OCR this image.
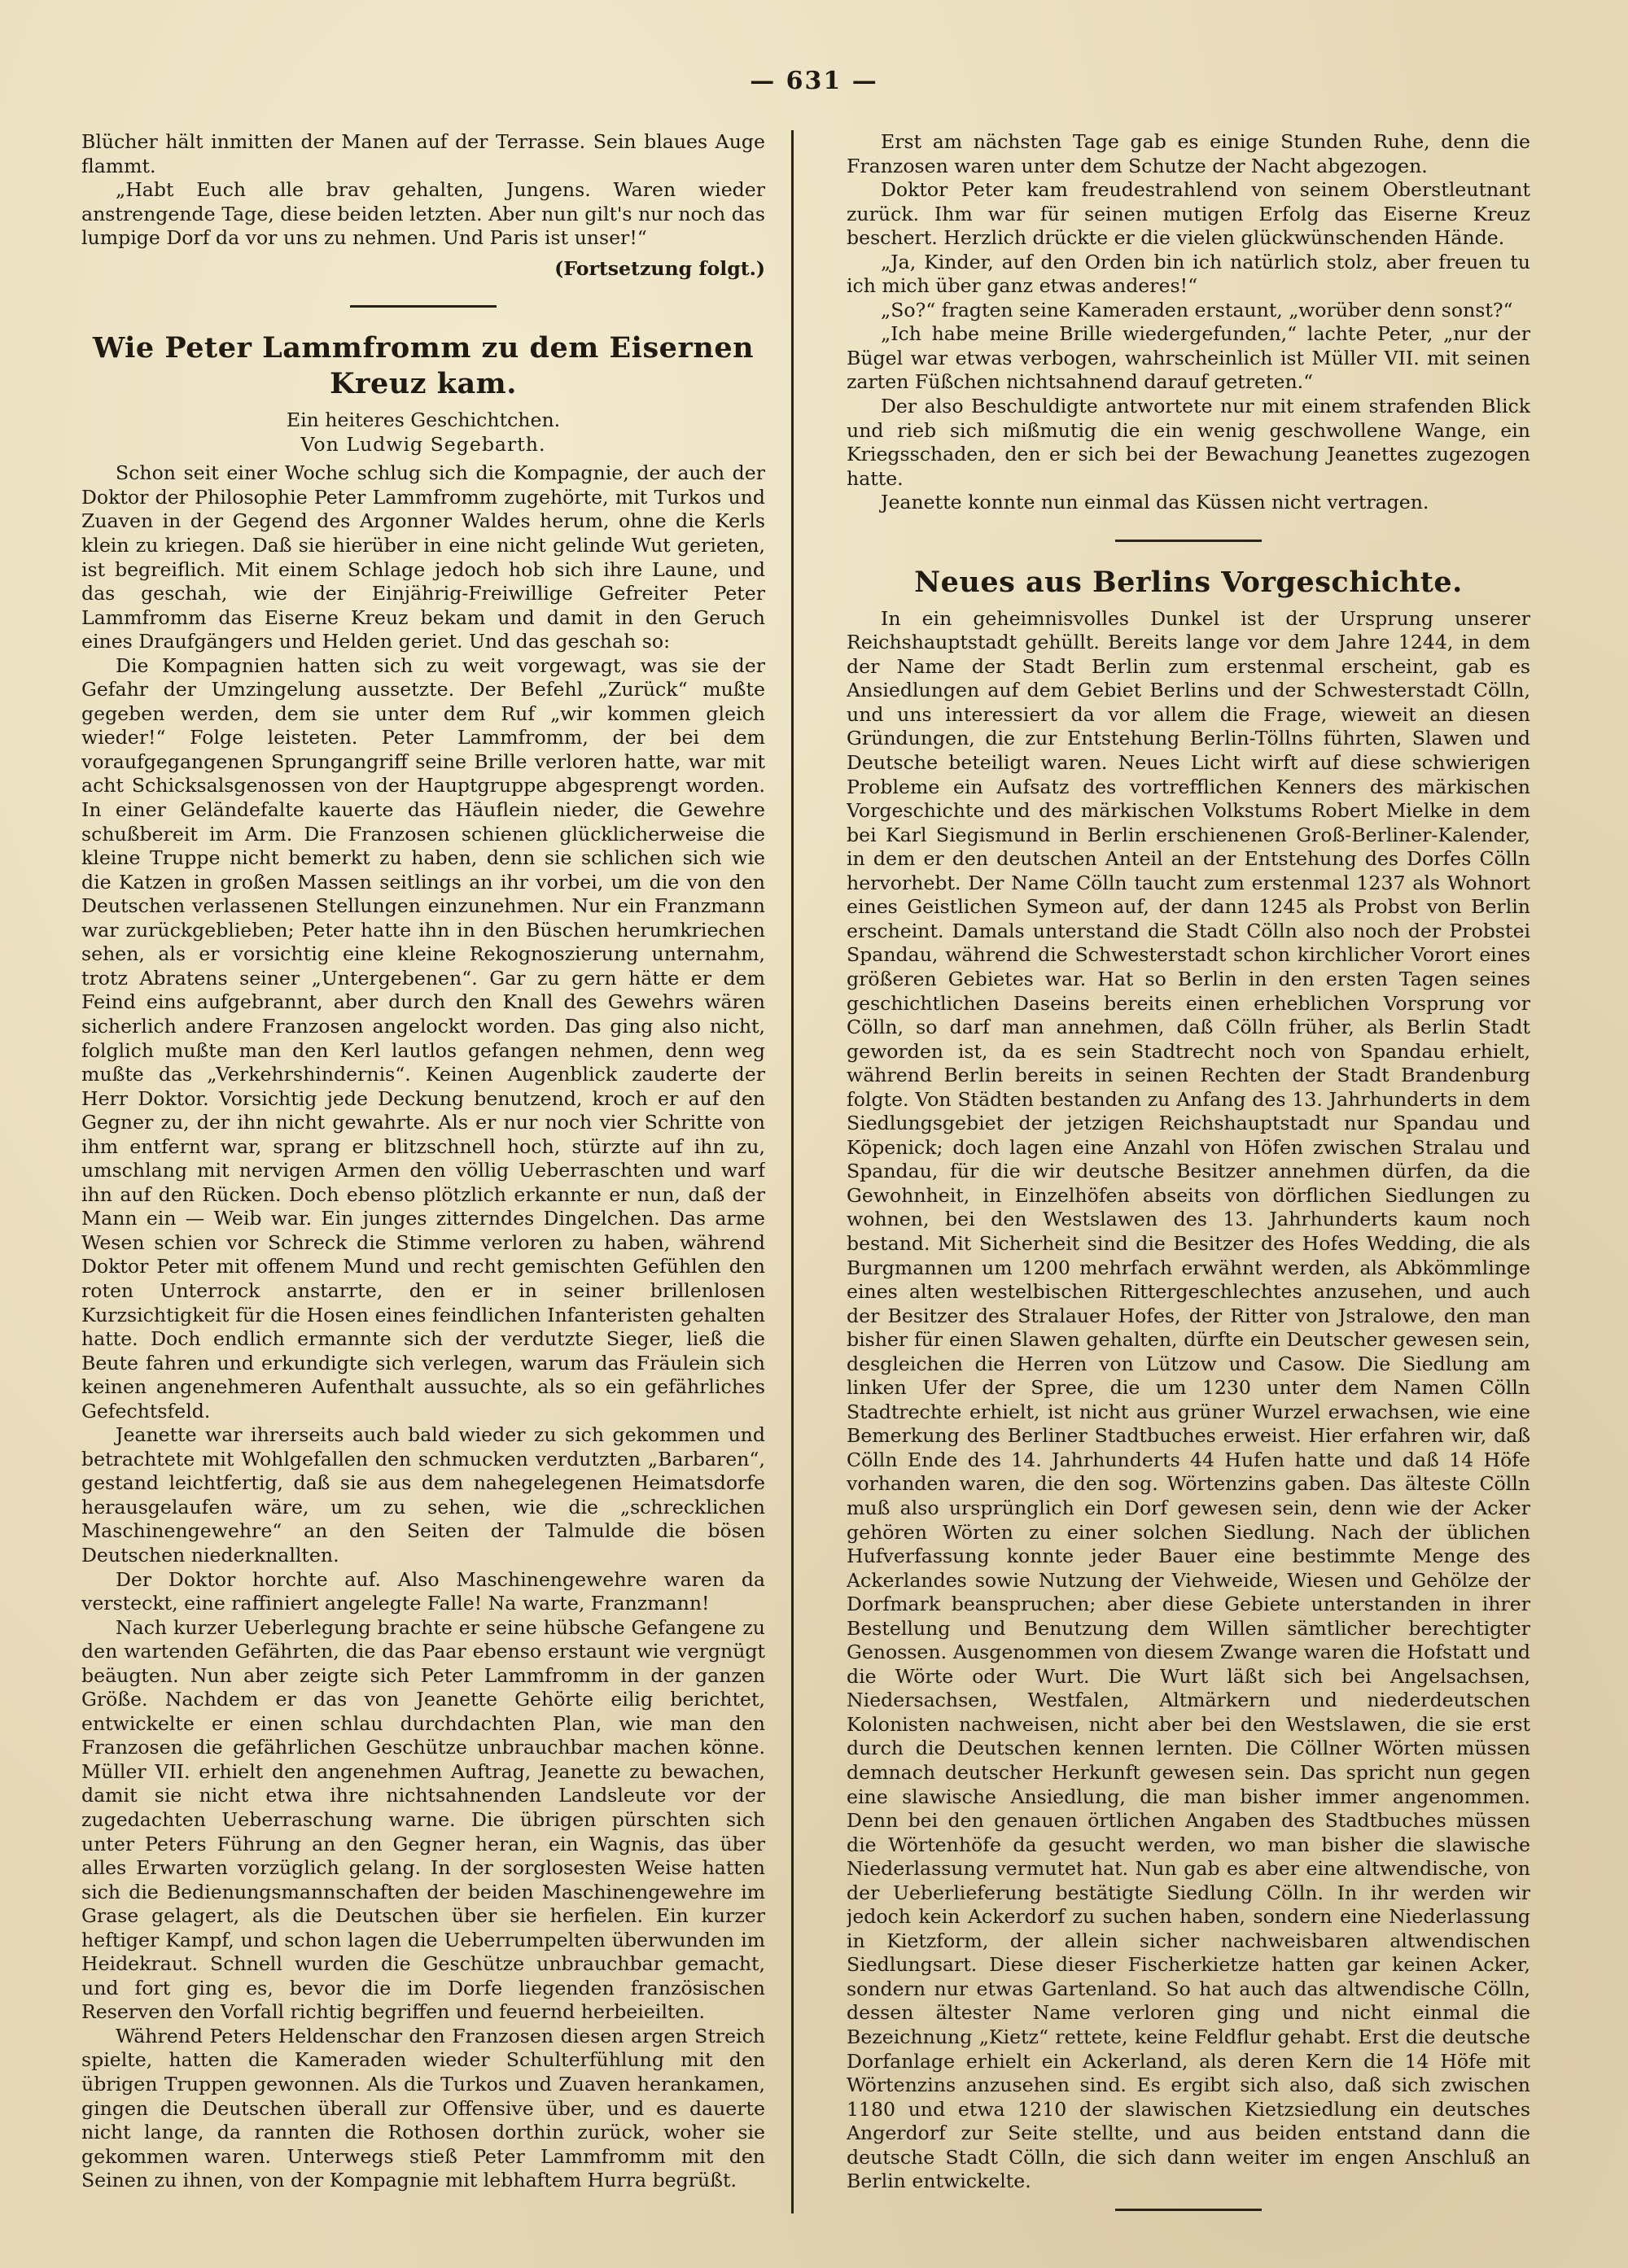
— 631 —

Blücher hält inmitten der Manen auf der Terrasse. Sein blaues Auge flammt.

„Habt Euch alle brav gehalten, Jungens. Waren wieder anstrengende Tage, diese beiden letzten. Aber nun gilt's nur noch das lumpige Dorf da vor uns zu nehmen. Und Paris ist unser!“

(Fortsetzung folgt.)
Wie Peter Lammfromm zu dem Eisernen Kreuz kam.

Ein heiteres Geschichtchen.

Von Ludwig Segebarth.

Schon seit einer Woche schlug sich die Kompagnie, der auch der Doktor der Philosophie Peter Lammfromm zugehörte, mit Turkos und Zuaven in der Gegend des Argonner Waldes herum, ohne die Kerls klein zu kriegen. Daß sie hierüber in eine nicht gelinde Wut gerieten, ist begreiflich. Mit einem Schlage jedoch hob sich ihre Laune, und das geschah, wie der Einjährig-Freiwillige Gefreiter Peter Lammfromm das Eiserne Kreuz bekam und damit in den Geruch eines Draufgängers und Helden geriet. Und das geschah so:

Die Kompagnien hatten sich zu weit vorgewagt, was sie der Gefahr der Umzingelung aussetzte. Der Befehl „Zurück“ mußte gegeben werden, dem sie unter dem Ruf „wir kommen gleich wieder!“ Folge leisteten. Peter Lammfromm, der bei dem voraufgegangenen Sprungangriff seine Brille verloren hatte, war mit acht Schicksalsgenossen von der Hauptgruppe abgesprengt worden. In einer Geländefalte kauerte das Häuflein nieder, die Gewehre schußbereit im Arm. Die Franzosen schienen glücklicherweise die kleine Truppe nicht bemerkt zu haben, denn sie schlichen sich wie die Katzen in großen Massen seitlings an ihr vorbei, um die von den Deutschen verlassenen Stellungen einzunehmen. Nur ein Franzmann war zurückgeblieben; Peter hatte ihn in den Büschen herumkriechen sehen, als er vorsichtig eine kleine Rekognoszierung unternahm, trotz Abratens seiner „Untergebenen“. Gar zu gern hätte er dem Feind eins aufgebrannt, aber durch den Knall des Gewehrs wären sicherlich andere Franzosen angelockt worden. Das ging also nicht, folglich mußte man den Kerl lautlos gefangen nehmen, denn weg mußte das „Verkehrshindernis“. Keinen Augenblick zauderte der Herr Doktor. Vorsichtig jede Deckung benutzend, kroch er auf den Gegner zu, der ihn nicht gewahrte. Als er nur noch vier Schritte von ihm entfernt war, sprang er blitzschnell hoch, stürzte auf ihn zu, umschlang mit nervigen Armen den völlig Ueberraschten und warf ihn auf den Rücken. Doch ebenso plötzlich erkannte er nun, daß der Mann ein — Weib war. Ein junges zitterndes Dingelchen. Das arme Wesen schien vor Schreck die Stimme verloren zu haben, während Doktor Peter mit offenem Mund und recht gemischten Gefühlen den roten Unterrock anstarrte, den er in seiner brillenlosen Kurzsichtigkeit für die Hosen eines feindlichen Infanteristen gehalten hatte. Doch endlich ermannte sich der verdutzte Sieger, ließ die Beute fahren und erkundigte sich verlegen, warum das Fräulein sich keinen angenehmeren Aufenthalt aussuchte, als so ein gefährliches Gefechtsfeld.

Jeanette war ihrerseits auch bald wieder zu sich gekommen und betrachtete mit Wohlgefallen den schmucken verdutzten „Barbaren“, gestand leichtfertig, daß sie aus dem nahegelegenen Heimatsdorfe herausgelaufen wäre, um zu sehen, wie die „schrecklichen Maschinengewehre“ an den Seiten der Talmulde die bösen Deutschen niederknallten.

Der Doktor horchte auf. Also Maschinengewehre waren da versteckt, eine raffiniert angelegte Falle! Na warte, Franzmann!

Nach kurzer Ueberlegung brachte er seine hübsche Gefangene zu den wartenden Gefährten, die das Paar ebenso erstaunt wie vergnügt beäugten. Nun aber zeigte sich Peter Lammfromm in der ganzen Größe. Nachdem er das von Jeanette Gehörte eilig berichtet, entwickelte er einen schlau durchdachten Plan, wie man den Franzosen die gefährlichen Geschütze unbrauchbar machen könne. Müller VII. erhielt den angenehmen Auftrag, Jeanette zu bewachen, damit sie nicht etwa ihre nichtsahnenden Landsleute vor der zugedachten Ueberraschung warne. Die übrigen pürschten sich unter Peters Führung an den Gegner heran, ein Wagnis, das über alles Erwarten vorzüglich gelang. In der sorglosesten Weise hatten sich die Bedienungsmannschaften der beiden Maschinengewehre im Grase gelagert, als die Deutschen über sie herfielen. Ein kurzer heftiger Kampf, und schon lagen die Ueberrumpelten überwunden im Heidekraut. Schnell wurden die Geschütze unbrauchbar gemacht, und fort ging es, bevor die im Dorfe liegenden französischen Reserven den Vorfall richtig begriffen und feuernd herbeieilten.

Während Peters Heldenschar den Franzosen diesen argen Streich spielte, hatten die Kameraden wieder Schulterfühlung mit den übrigen Truppen gewonnen. Als die Turkos und Zuaven herankamen, gingen die Deutschen überall zur Offensive über, und es dauerte nicht lange, da rannten die Rothosen dorthin zurück, woher sie gekommen waren. Unterwegs stieß Peter Lammfromm mit den Seinen zu ihnen, von der Kompagnie mit lebhaftem Hurra begrüßt.

Erst am nächsten Tage gab es einige Stunden Ruhe, denn die Franzosen waren unter dem Schutze der Nacht abgezogen.

Doktor Peter kam freudestrahlend von seinem Oberstleutnant zurück. Ihm war für seinen mutigen Erfolg das Eiserne Kreuz beschert. Herzlich drückte er die vielen glückwünschenden Hände.

„Ja, Kinder, auf den Orden bin ich natürlich stolz, aber freuen tu ich mich über ganz etwas anderes!“

„So?“ fragten seine Kameraden erstaunt, „worüber denn sonst?“

„Ich habe meine Brille wiedergefunden,“ lachte Peter, „nur der Bügel war etwas verbogen, wahrscheinlich ist Müller VII. mit seinen zarten Füßchen nichtsahnend darauf getreten.“

Der also Beschuldigte antwortete nur mit einem strafenden Blick und rieb sich mißmutig die ein wenig geschwollene Wange, ein Kriegsschaden, den er sich bei der Bewachung Jeanettes zugezogen hatte.

Jeanette konnte nun einmal das Küssen nicht vertragen.

Neues aus Berlins Vorgeschichte.

In ein geheimnisvolles Dunkel ist der Ursprung unserer Reichshauptstadt gehüllt. Bereits lange vor dem Jahre 1244, in dem der Name der Stadt Berlin zum erstenmal erscheint, gab es Ansiedlungen auf dem Gebiet Berlins und der Schwesterstadt Cölln, und uns interessiert da vor allem die Frage, wieweit an diesen Gründungen, die zur Entstehung Berlin-Töllns führten, Slawen und Deutsche beteiligt waren. Neues Licht wirft auf diese schwierigen Probleme ein Aufsatz des vortrefflichen Kenners des märkischen Vorgeschichte und des märkischen Volkstums Robert Mielke in dem bei Karl Siegismund in Berlin erschienenen Groß-Berliner-Kalender, in dem er den deutschen Anteil an der Entstehung des Dorfes Cölln hervorhebt. Der Name Cölln taucht zum erstenmal 1237 als Wohnort eines Geistlichen Symeon auf, der dann 1245 als Probst von Berlin erscheint. Damals unterstand die Stadt Cölln also noch der Probstei Spandau, während die Schwesterstadt schon kirchlicher Vorort eines größeren Gebietes war. Hat so Berlin in den ersten Tagen seines geschichtlichen Daseins bereits einen erheblichen Vorsprung vor Cölln, so darf man annehmen, daß Cölln früher, als Berlin Stadt geworden ist, da es sein Stadtrecht noch von Spandau erhielt, während Berlin bereits in seinen Rechten der Stadt Brandenburg folgte. Von Städten bestanden zu Anfang des 13. Jahrhunderts in dem Siedlungsgebiet der jetzigen Reichshauptstadt nur Spandau und Köpenick; doch lagen eine Anzahl von Höfen zwischen Stralau und Spandau, für die wir deutsche Besitzer annehmen dürfen, da die Gewohnheit, in Einzelhöfen abseits von dörflichen Siedlungen zu wohnen, bei den Westslawen des 13. Jahrhunderts kaum noch bestand. Mit Sicherheit sind die Besitzer des Hofes Wedding, die als Burgmannen um 1200 mehrfach erwähnt werden, als Abkömmlinge eines alten westelbischen Rittergeschlechtes anzusehen, und auch der Besitzer des Stralauer Hofes, der Ritter von Jstralowe, den man bisher für einen Slawen gehalten, dürfte ein Deutscher gewesen sein, desgleichen die Herren von Lützow und Casow. Die Siedlung am linken Ufer der Spree, die um 1230 unter dem Namen Cölln Stadtrechte erhielt, ist nicht aus grüner Wurzel erwachsen, wie eine Bemerkung des Berliner Stadtbuches erweist. Hier erfahren wir, daß Cölln Ende des 14. Jahrhunderts 44 Hufen hatte und daß 14 Höfe vorhanden waren, die den sog. Wörtenzins gaben. Das älteste Cölln muß also ursprünglich ein Dorf gewesen sein, denn wie der Acker gehören Wörten zu einer solchen Siedlung. Nach der üblichen Hufverfassung konnte jeder Bauer eine bestimmte Menge des Ackerlandes sowie Nutzung der Viehweide, Wiesen und Gehölze der Dorfmark beanspruchen; aber diese Gebiete unterstanden in ihrer Bestellung und Benutzung dem Willen sämtlicher berechtigter Genossen. Ausgenommen von diesem Zwange waren die Hofstatt und die Wörte oder Wurt. Die Wurt läßt sich bei Angelsachsen, Niedersachsen, Westfalen, Altmärkern und niederdeutschen Kolonisten nachweisen, nicht aber bei den Westslawen, die sie erst durch die Deutschen kennen lernten. Die Cöllner Wörten müssen demnach deutscher Herkunft gewesen sein. Das spricht nun gegen eine slawische Ansiedlung, die man bisher immer angenommen. Denn bei den genauen örtlichen Angaben des Stadtbuches müssen die Wörtenhöfe da gesucht werden, wo man bisher die slawische Niederlassung vermutet hat. Nun gab es aber eine altwendische, von der Ueberlieferung bestätigte Siedlung Cölln. In ihr werden wir jedoch kein Ackerdorf zu suchen haben, sondern eine Niederlassung in Kietzform, der allein sicher nachweisbaren altwendischen Siedlungsart. Diese dieser Fischerkietze hatten gar keinen Acker, sondern nur etwas Gartenland. So hat auch das altwendische Cölln, dessen ältester Name verloren ging und nicht einmal die Bezeichnung „Kietz“ rettete, keine Feldflur gehabt. Erst die deutsche Dorfanlage erhielt ein Ackerland, als deren Kern die 14 Höfe mit Wörtenzins anzusehen sind. Es ergibt sich also, daß sich zwischen 1180 und etwa 1210 der slawischen Kietzsiedlung ein deutsches Angerdorf zur Seite stellte, und aus beiden entstand dann die deutsche Stadt Cölln, die sich dann weiter im engen Anschluß an Berlin entwickelte.
